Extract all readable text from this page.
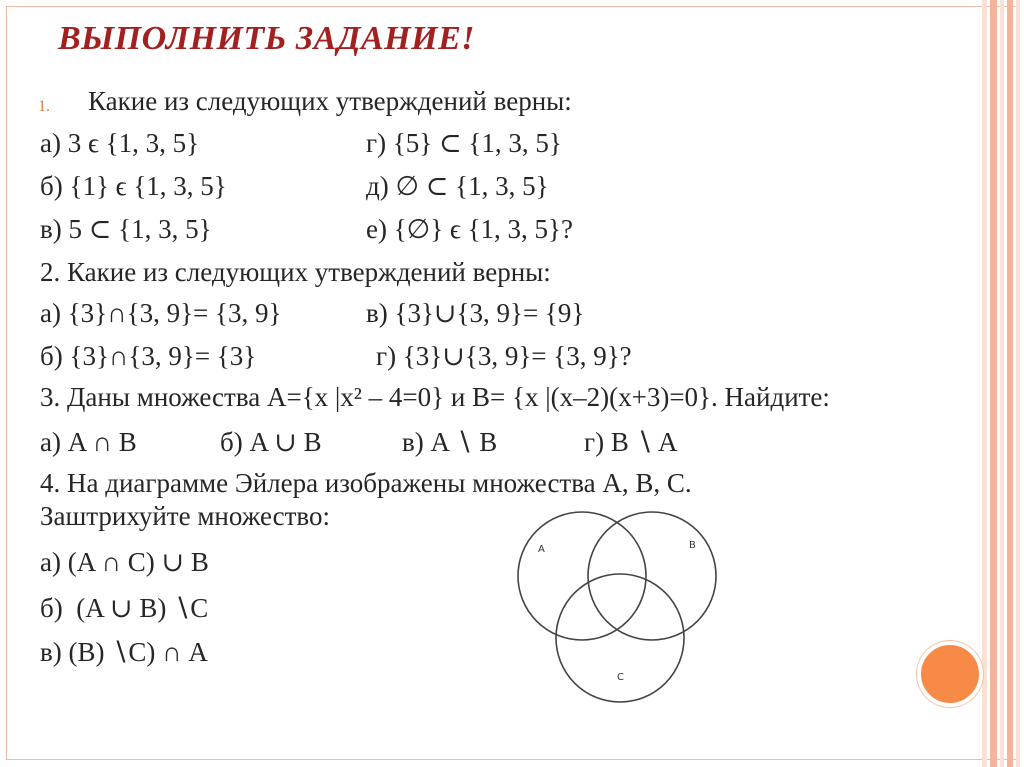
ВЫПОЛНИТЬ ЗАДАНИЕ!
1. Какие из следующих утверждений верны:
а) 3 ϵ {1, 3, 5}	г) {5} ⊂ {1, 3, 5}
б) {1} ϵ {1, 3, 5}	д) ∅ ⊂ {1, 3, 5}
в) 5 ⊂ {1, 3, 5}	е) {∅} ϵ {1, 3, 5}?
2. Какие из следующих утверждений верны:
а) {3}∩{3, 9}= {3, 9}	в) {3}∪{3, 9}= {9}
б) {3}∩{3, 9}= {3}	г) {3}∪{3, 9}= {3, 9}?
3. Даны множества A={x |x² – 4=0} и B= {x |(x–2)(x+3)=0}. Найдите:
а) A ∩ B	б) A ∪ B	в) A ∖ B	г) B ∖ A
4. На диаграмме Эйлера изображены множества A, B, C.
Заштрихуйте множество:
а) (A ∩ C) ∪ B
б)  (A ∪ B) ∖C
в) (B) ∖C) ∩ A
A	B
C
